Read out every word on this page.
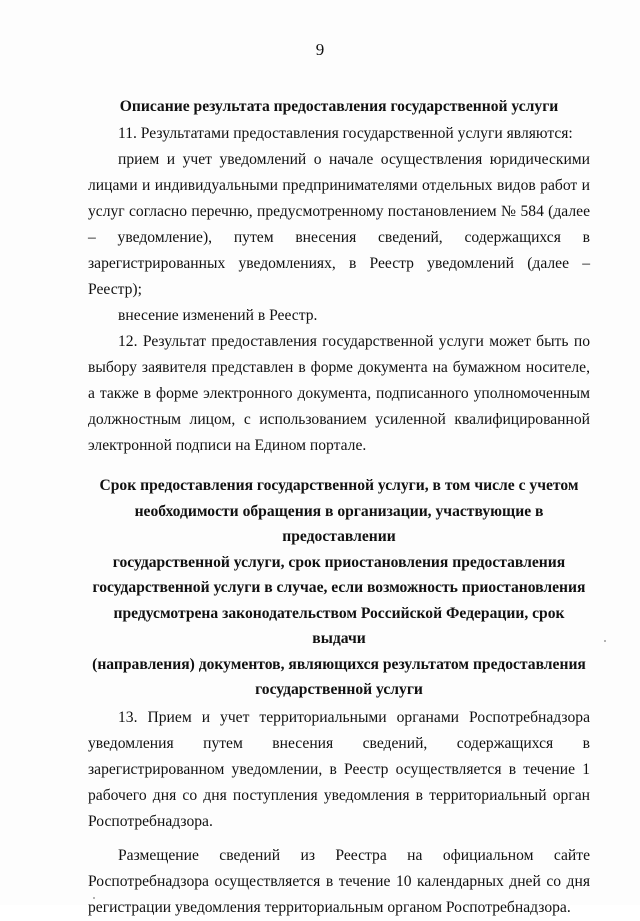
9
Описание результата предоставления государственной услуги

11. Результатами предоставления государственной услуги являются:

прием и учет уведомлений о начале осуществления юридическими лицами и индивидуальными предпринимателями отдельных видов работ и услуг согласно перечню, предусмотренному постановлением № 584 (далее – уведомление), путем внесения сведений, содержащихся в зарегистрированных уведомлениях, в Реестр уведомлений (далее – Реестр);

внесение изменений в Реестр.

12. Результат предоставления государственной услуги может быть по выбору заявителя представлен в форме документа на бумажном носителе, а также в форме электронного документа, подписанного уполномоченным должностным лицом, с использованием усиленной квалифицированной электронной подписи на Едином портале.

Срок предоставления государственной услуги, в том числе с учетом
необходимости обращения в организации, участвующие в предоставлении
государственной услуги, срок приостановления предоставления
государственной услуги в случае, если возможность приостановления
предусмотрена законодательством Российской Федерации, срок выдачи
(направления) документов, являющихся результатом предоставления
государственной услуги

13. Прием и учет территориальными органами Роспотребнадзора уведомления путем внесения сведений, содержащихся в зарегистрированном уведомлении, в Реестр осуществляется в течение 1 рабочего дня со дня поступления уведомления в территориальный орган Роспотребнадзора.

Размещение сведений из Реестра на официальном сайте Роспотребнадзора осуществляется в течение 10 календарных дней со дня регистрации уведомления территориальным органом Роспотребнадзора.
